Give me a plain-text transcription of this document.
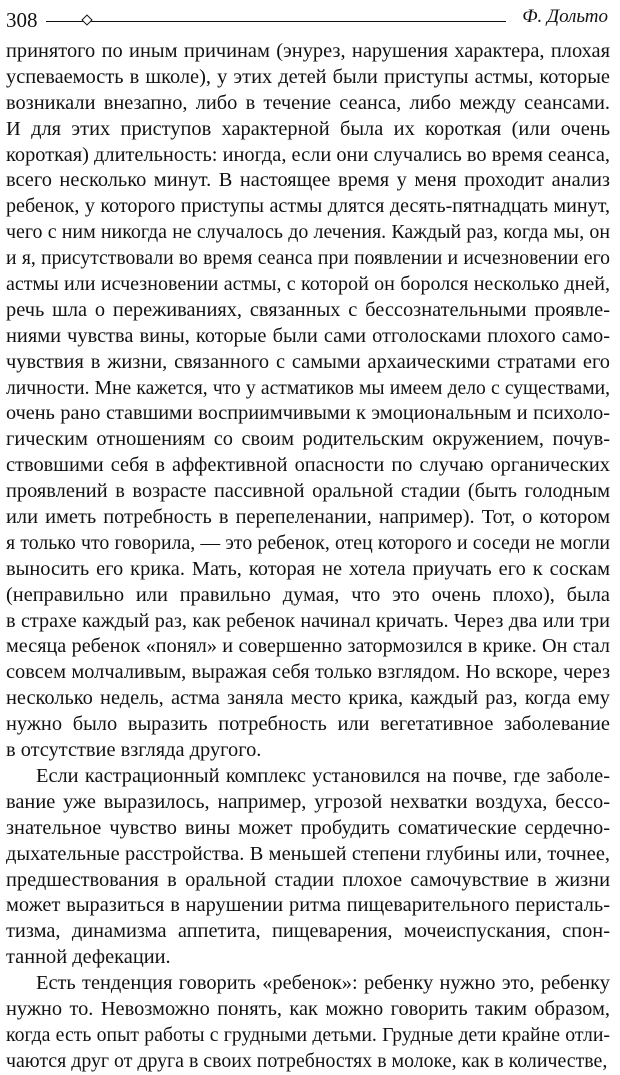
308	Ф. Дольто
принятого по иным причинам (энурез, нарушения характера, плохая
успеваемость в школе), у этих детей были приступы астмы, которые
возникали внезапно, либо в течение сеанса, либо между сеансами.
И для этих приступов характерной была их короткая (или очень
короткая) длительность: иногда, если они случались во время сеанса,
всего несколько минут. В настоящее время у меня проходит анализ
ребенок, у которого приступы астмы длятся десять-пятнадцать минут,
чего с ним никогда не случалось до лечения. Каждый раз, когда мы, он
и я, присутствовали во время сеанса при появлении и исчезновении его
астмы или исчезновении астмы, с которой он боролся несколько дней,
речь шла о переживаниях, связанных с бессознательными проявле-
ниями чувства вины, которые были сами отголосками плохого само-
чувствия в жизни, связанного с самыми архаическими стратами его
личности. Мне кажется, что у астматиков мы имеем дело с существами,
очень рано ставшими восприимчивыми к эмоциональным и психоло-
гическим отношениям со своим родительским окружением, почув-
ствовшими себя в аффективной опасности по случаю органических
проявлений в возрасте пассивной оральной стадии (быть голодным
или иметь потребность в перепеленании, например). Тот, о котором
я только что говорила, — это ребенок, отец которого и соседи не могли
выносить его крика. Мать, которая не хотела приучать его к соскам
(неправильно или правильно думая, что это очень плохо), была
в страхе каждый раз, как ребенок начинал кричать. Через два или три
месяца ребенок «понял» и совершенно затормозился в крике. Он стал
совсем молчаливым, выражая себя только взглядом. Но вскоре, через
несколько недель, астма заняла место крика, каждый раз, когда ему
нужно было выразить потребность или вегетативное заболевание
в отсутствие взгляда другого.
Если кастрационный комплекс установился на почве, где заболе-
вание уже выразилось, например, угрозой нехватки воздуха, бессо-
знательное чувство вины может пробудить соматические сердечно-
дыхательные расстройства. В меньшей степени глубины или, точнее,
предшествования в оральной стадии плохое самочувствие в жизни
может выразиться в нарушении ритма пищеварительного перисталь-
тизма, динамизма аппетита, пищеварения, мочеиспускания, спон-
танной дефекации.
Есть тенденция говорить «ребенок»: ребенку нужно это, ребенку
нужно то. Невозможно понять, как можно говорить таким образом,
когда есть опыт работы с грудными детьми. Грудные дети крайне отли-
чаются друг от друга в своих потребностях в молоке, как в количестве,
